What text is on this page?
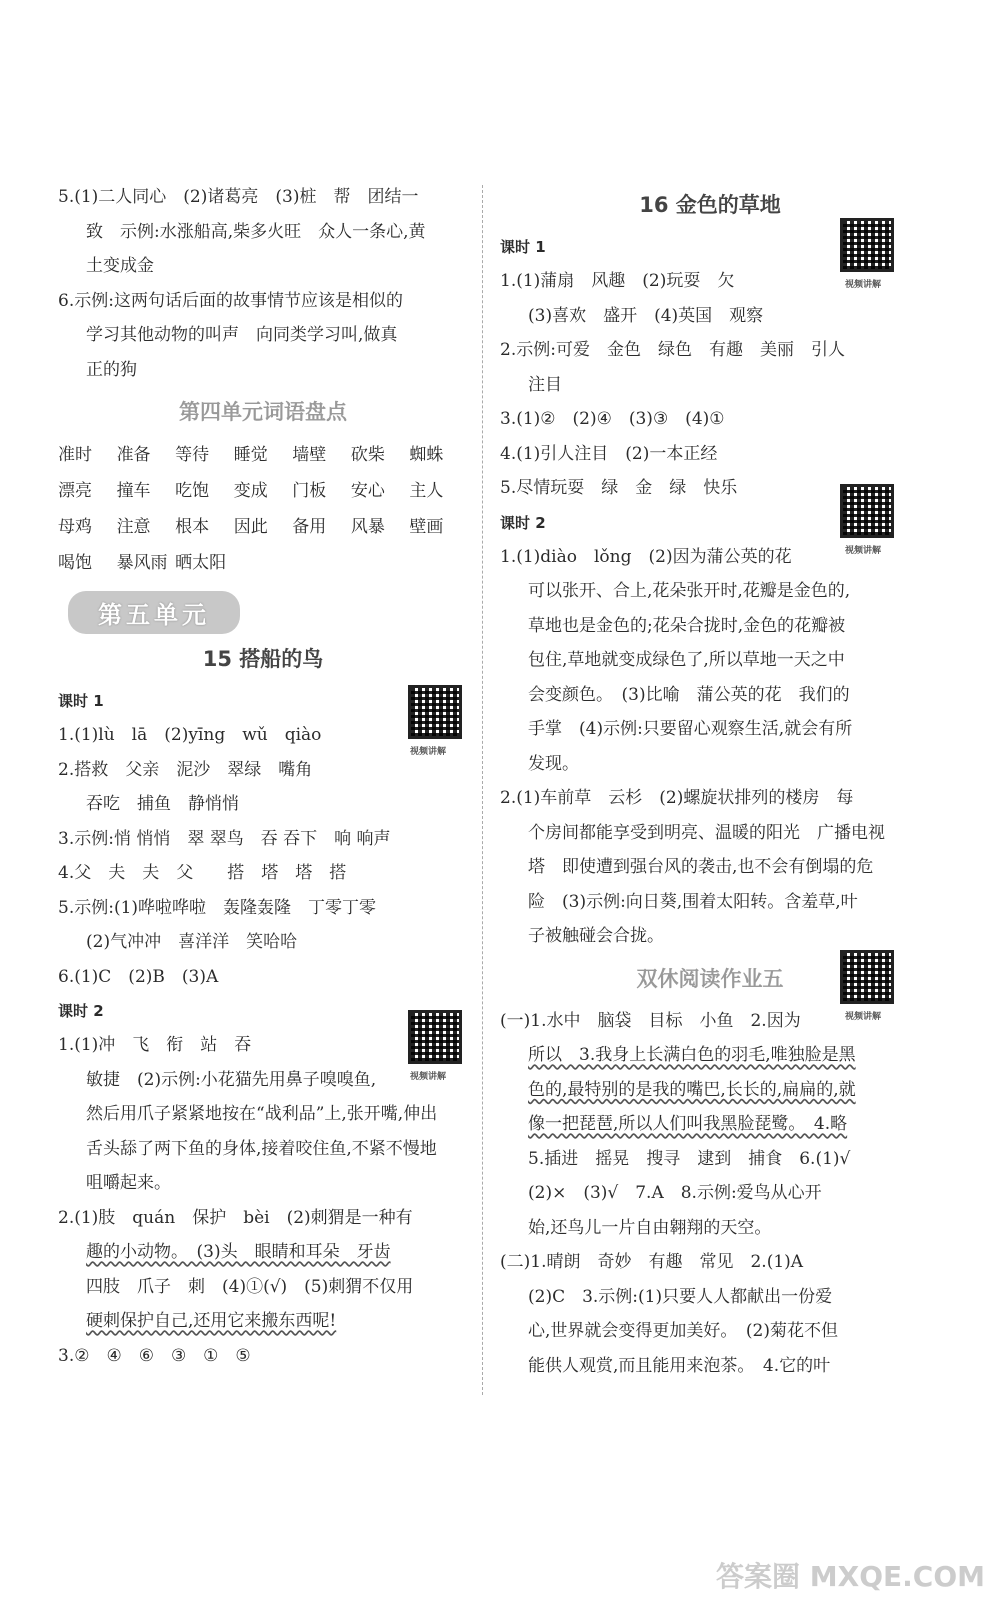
5.(1)二人同心　(2)诸葛亮　(3)桩　帮　团结一
致　示例:水涨船高,柴多火旺　众人一条心,黄
土变成金
6.示例:这两句话后面的故事情节应该是相似的
学习其他动物的叫声　向同类学习叫,做真
正的狗
第四单元词语盘点
准时	准备	等待	睡觉	墙壁	砍柴	蜘蛛
漂亮	撞车	吃饱	变成	门板	安心	主人
母鸡	注意	根本	因此	备用	风暴	壁画
喝饱	暴风雨 晒太阳
第五单元
15 搭船的鸟
课时 1
1.(1)lù　lā　(2)yīng　wǔ　qiào
2.搭救　父亲　泥沙　翠绿　嘴角
吞吃　捕鱼　静悄悄
3.示例:悄 悄悄　翠 翠鸟　吞 吞下　响 响声
4.父　夫　夫　父　　搭　塔　塔　搭
5.示例:(1)哗啦哗啦　轰隆轰隆　丁零丁零
(2)气冲冲　喜洋洋　笑哈哈
6.(1)C　(2)B　(3)A
课时 2
1.(1)冲　飞　衔　站　吞
敏捷　(2)示例:小花猫先用鼻子嗅嗅鱼,
然后用爪子紧紧地按在“战利品”上,张开嘴,伸出
舌头舔了两下鱼的身体,接着咬住鱼,不紧不慢地
咀嚼起来。
2.(1)肢　quán　保护　bèi　(2)刺猬是一种有
趣的小动物。　(3)头　眼睛和耳朵　牙齿
四肢　爪子　刺　(4)①(√)　(5)刺猬不仅用
硬刺保护自己,还用它来搬东西呢!
3.②　④　⑥　③　①　⑤
视频讲解
视频讲解
16 金色的草地
课时 1
1.(1)蒲扇　风趣　(2)玩耍　欠
(3)喜欢　盛开　(4)英国　观察
2.示例:可爱　金色　绿色　有趣　美丽　引人
注目
3.(1)②　(2)④　(3)③　(4)①
4.(1)引人注目　(2)一本正经
5.尽情玩耍　绿　金　绿　快乐
课时 2
1.(1)diào　lǒng　(2)因为蒲公英的花
可以张开、合上,花朵张开时,花瓣是金色的,
草地也是金色的;花朵合拢时,金色的花瓣被
包住,草地就变成绿色了,所以草地一天之中
会变颜色。　(3)比喻　蒲公英的花　我们的
手掌　(4)示例:只要留心观察生活,就会有所
发现。
2.(1)车前草　云杉　(2)螺旋状排列的楼房　每
个房间都能享受到明亮、温暖的阳光　广播电视
塔　即使遭到强台风的袭击,也不会有倒塌的危
险　(3)示例:向日葵,围着太阳转。含羞草,叶
子被触碰会合拢。
双休阅读作业五
(一)1.水中　脑袋　目标　小鱼　2.因为
所以　3.我身上长满白色的羽毛,唯独脸是黑
色的,最特别的是我的嘴巴,长长的,扁扁的,就
像一把琵琶,所以人们叫我黑脸琵鹭。　4.略
5.插进　摇晃　搜寻　逮到　捕食　6.(1)√
(2)×　(3)√　7.A　8.示例:爱鸟从心开
始,还鸟儿一片自由翱翔的天空。
(二)1.晴朗　奇妙　有趣　常见　2.(1)A
(2)C　3.示例:(1)只要人人都献出一份爱
心,世界就会变得更加美好。　(2)菊花不但
能供人观赏,而且能用来泡茶。　4.它的叶
视频讲解
视频讲解
视频讲解
答案圈 MXQE.COM
